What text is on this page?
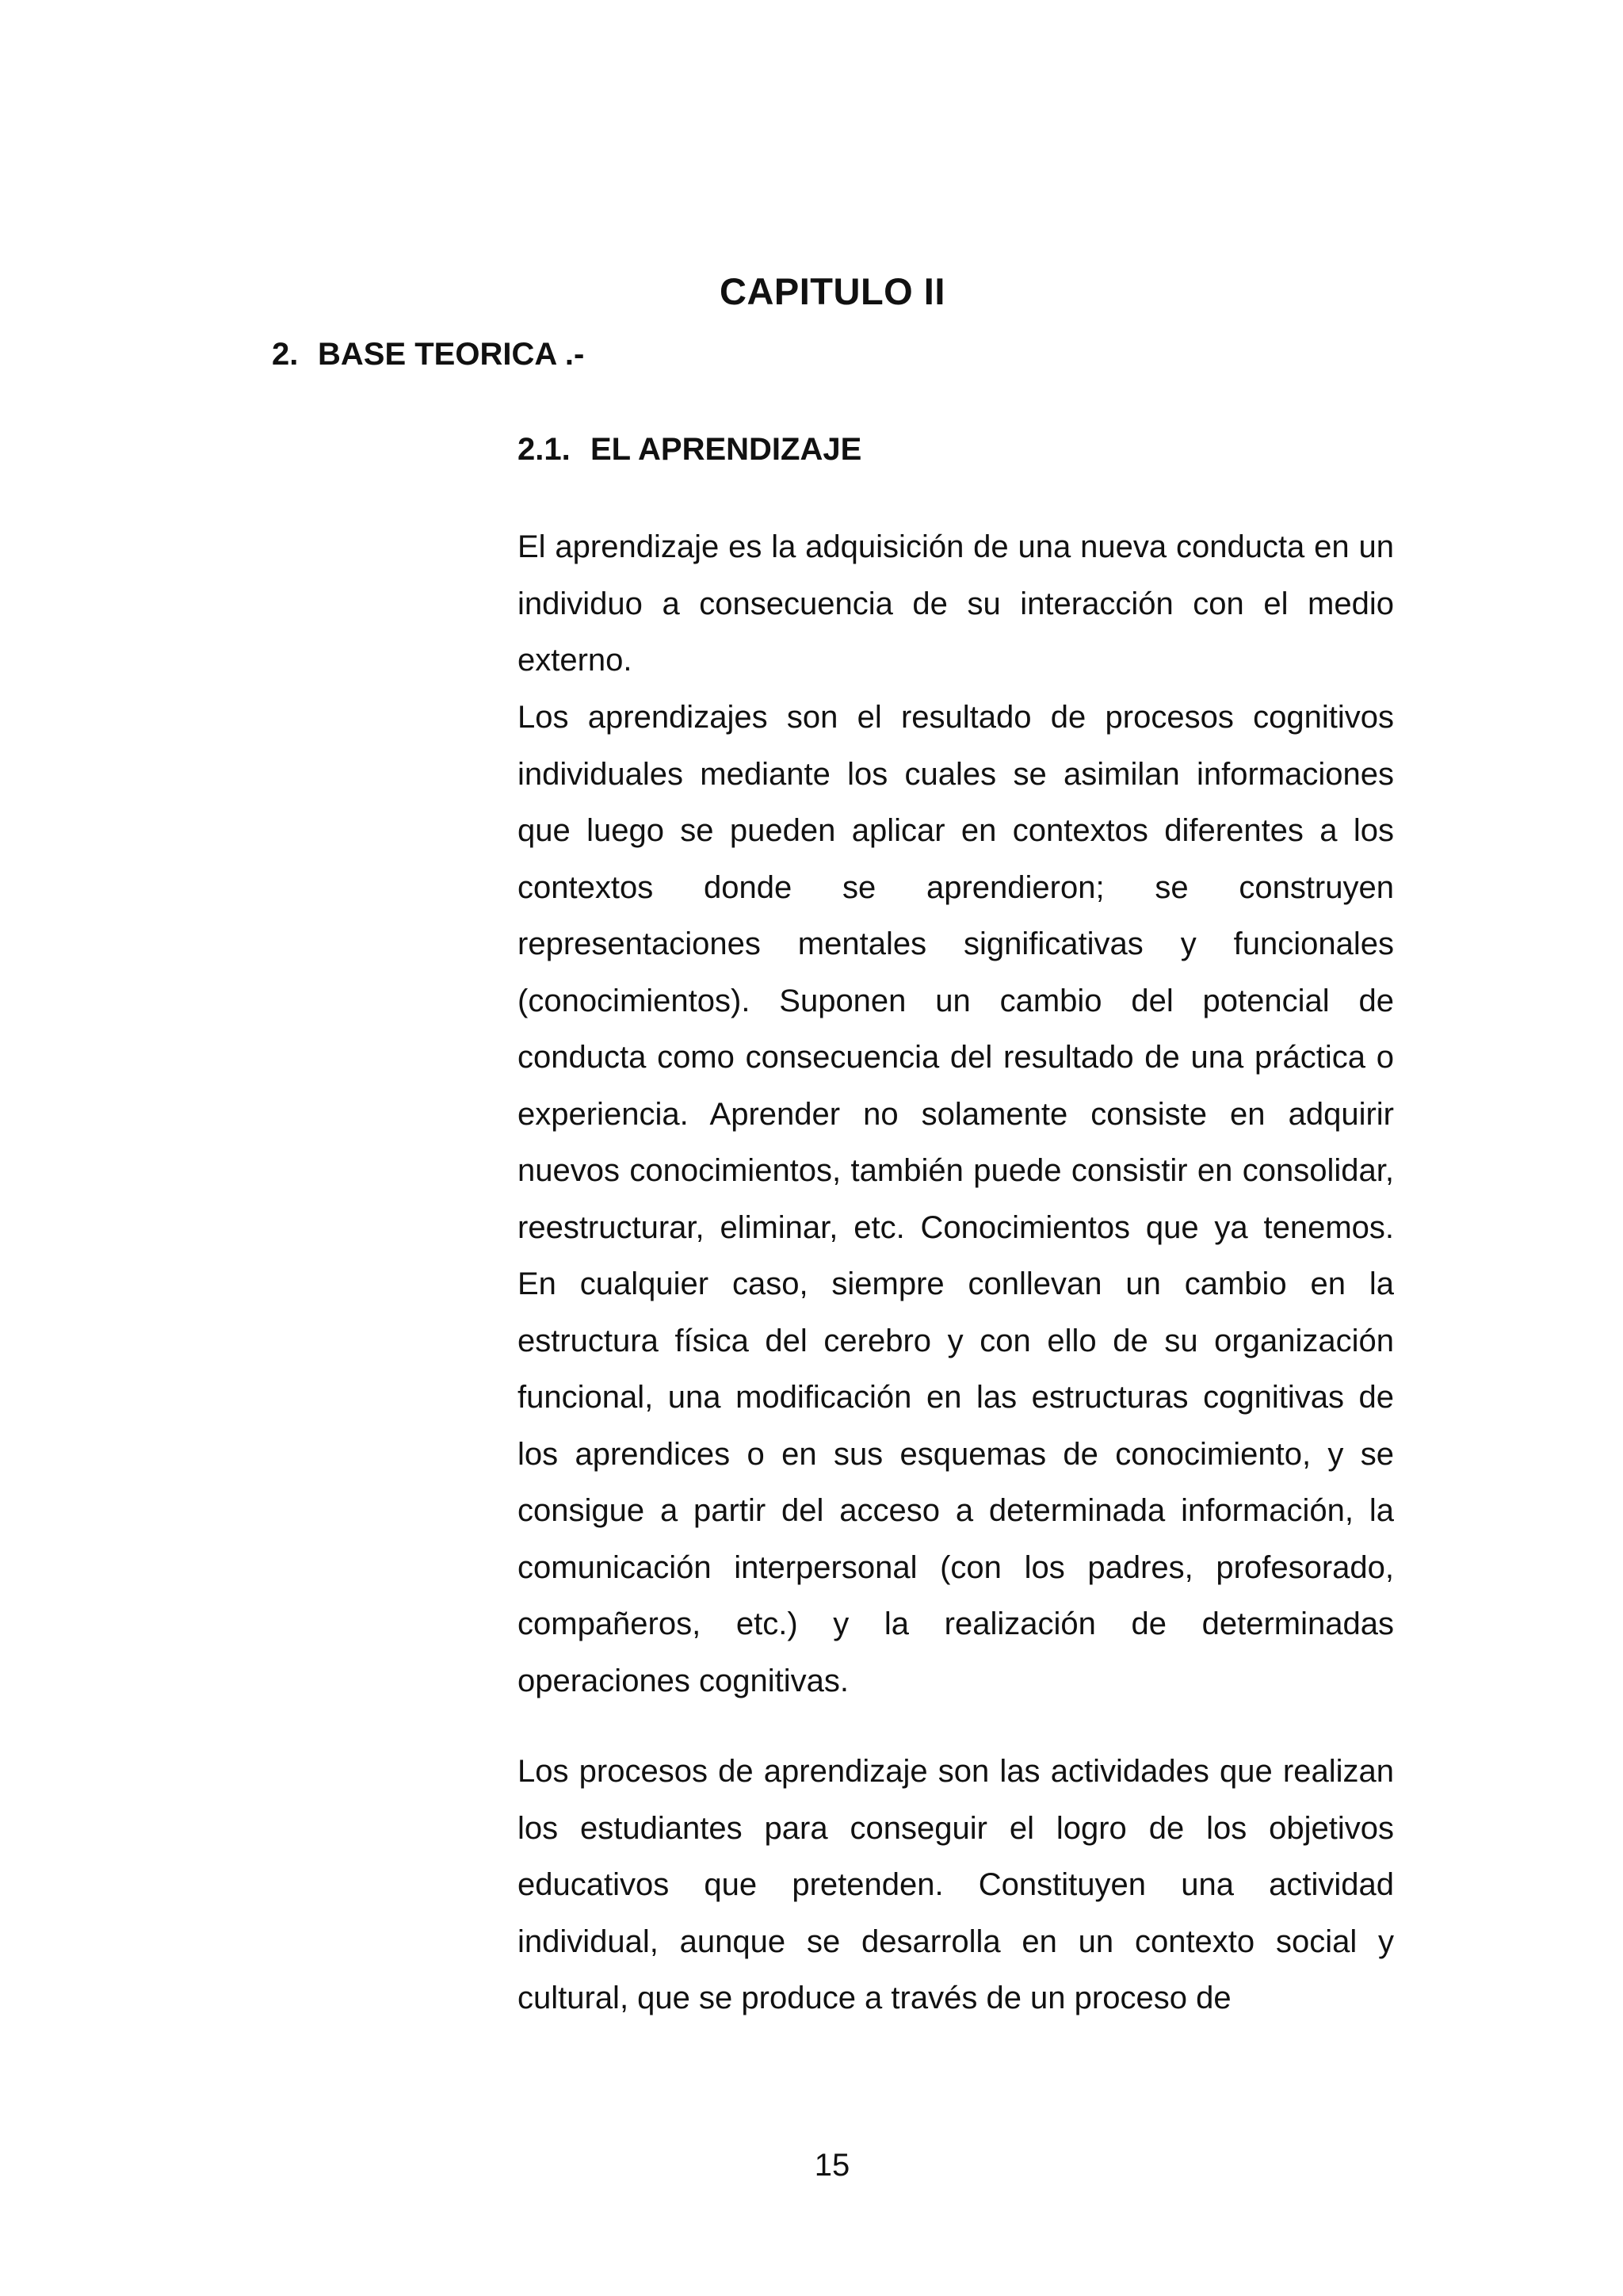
CAPITULO II
2. BASE TEORICA .-
2.1. EL APRENDIZAJE

El aprendizaje es la adquisición de una nueva conducta en un individuo a consecuencia de su interacción con el medio externo.

Los aprendizajes son el resultado de procesos cognitivos individuales mediante los cuales se asimilan informaciones que luego se pueden aplicar en contextos diferentes a los contextos donde se aprendieron; se construyen representaciones mentales significativas y funcionales (conocimientos). Suponen un cambio del potencial de conducta como consecuencia del resultado de una práctica o experiencia. Aprender no solamente consiste en adquirir nuevos conocimientos, también puede consistir en consolidar, reestructurar, eliminar, etc. Conocimientos que ya tenemos. En cualquier caso, siempre conllevan un cambio en la estructura física del cerebro y con ello de su organización funcional, una modificación en las estructuras cognitivas de los aprendices o en sus esquemas de conocimiento, y se consigue a partir del acceso a determinada información, la comunicación interpersonal (con los padres, profesorado, compañeros, etc.) y la realización de determinadas operaciones cognitivas.

Los procesos de aprendizaje son las actividades que realizan los estudiantes para conseguir el logro de los objetivos educativos que pretenden. Constituyen una actividad individual, aunque se desarrolla en un contexto social y cultural, que se produce a través de un proceso de

15
